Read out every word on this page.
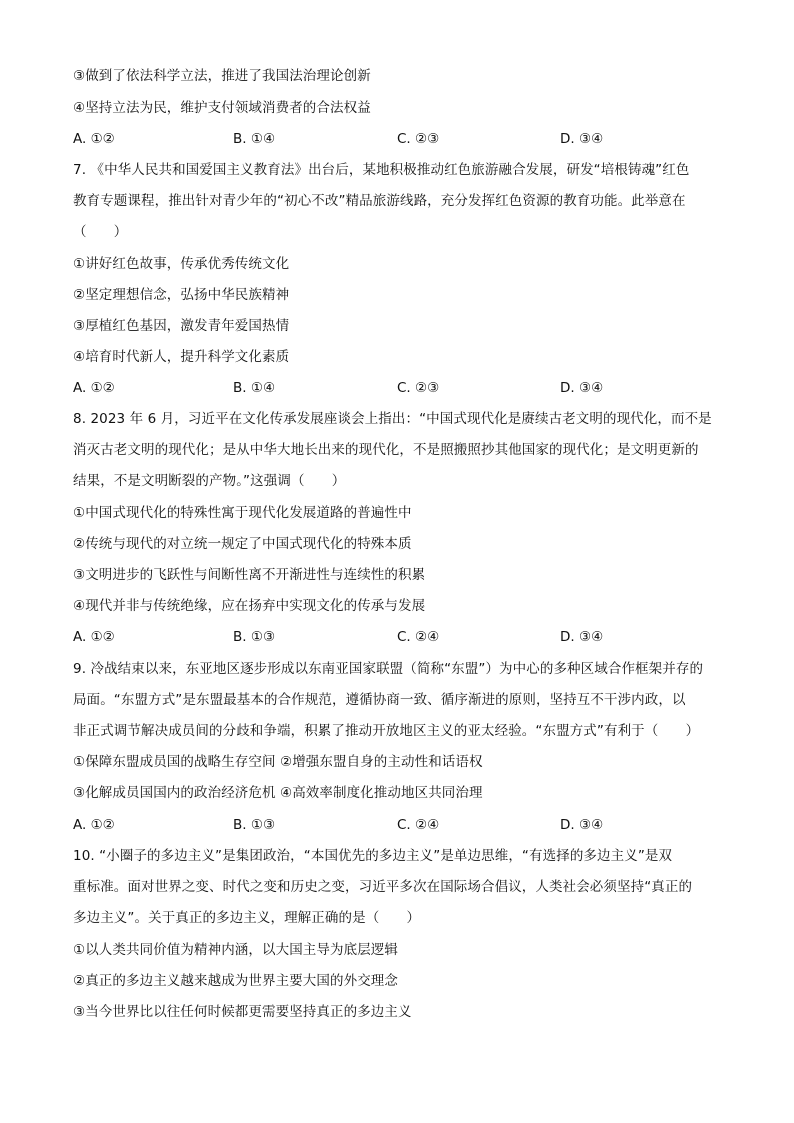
③做到了依法科学立法，推进了我国法治理论创新
④坚持立法为民，维护支付领域消费者的合法权益
A. ①②	B. ①④	C. ②③	D. ③④
7. 《中华人民共和国爱国主义教育法》出台后，某地积极推动红色旅游融合发展，研发“培根铸魂”红色
教育专题课程，推出针对青少年的“初心不改”精品旅游线路，充分发挥红色资源的教育功能。此举意在
（　　）
①讲好红色故事，传承优秀传统文化
②坚定理想信念，弘扬中华民族精神
③厚植红色基因，激发青年爱国热情
④培育时代新人，提升科学文化素质
A. ①②	B. ①④	C. ②③	D. ③④
8. 2023 年 6 月，习近平在文化传承发展座谈会上指出：“中国式现代化是赓续古老文明的现代化，而不是
消灭古老文明的现代化；是从中华大地长出来的现代化，不是照搬照抄其他国家的现代化；是文明更新的
结果，不是文明断裂的产物。”这强调（　　）
①中国式现代化的特殊性寓于现代化发展道路的普遍性中
②传统与现代的对立统一规定了中国式现代化的特殊本质
③文明进步的飞跃性与间断性离不开渐进性与连续性的积累
④现代并非与传统绝缘，应在扬弃中实现文化的传承与发展
A. ①②	B. ①③	C. ②④	D. ③④
9. 冷战结束以来，东亚地区逐步形成以东南亚国家联盟（简称“东盟”）为中心的多种区域合作框架并存的
局面。“东盟方式”是东盟最基本的合作规范，遵循协商一致、循序渐进的原则，坚持互不干涉内政，以
非正式调节解决成员间的分歧和争端，积累了推动开放地区主义的亚太经验。“东盟方式”有利于（　　）
①保障东盟成员国的战略生存空间 ②增强东盟自身的主动性和话语权
③化解成员国国内的政治经济危机 ④高效率制度化推动地区共同治理
A. ①②	B. ①③	C. ②④	D. ③④
10. “小圈子的多边主义”是集团政治，“本国优先的多边主义”是单边思维，“有选择的多边主义”是双
重标准。面对世界之变、时代之变和历史之变，习近平多次在国际场合倡议，人类社会必须坚持“真正的
多边主义”。关于真正的多边主义，理解正确的是（　　）
①以人类共同价值为精神内涵，以大国主导为底层逻辑
②真正的多边主义越来越成为世界主要大国的外交理念
③当今世界比以往任何时候都更需要坚持真正的多边主义
